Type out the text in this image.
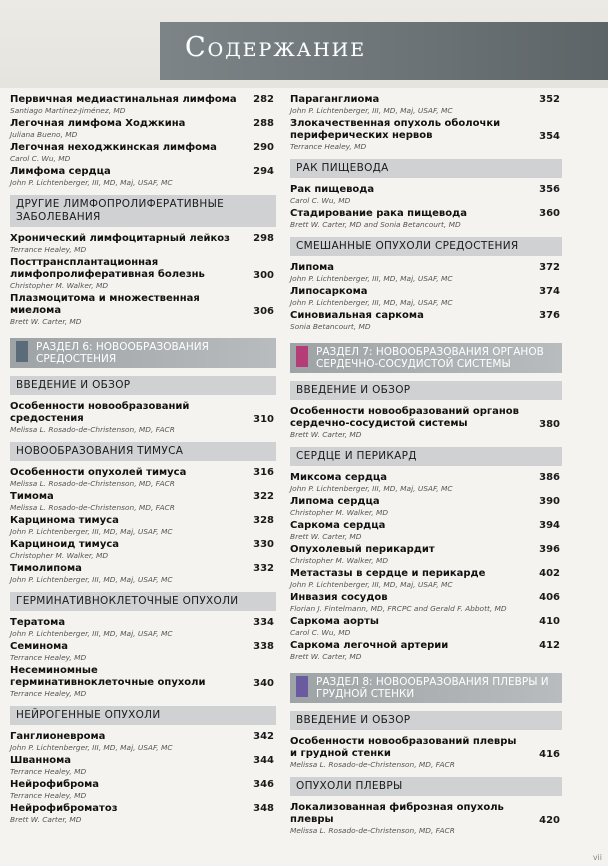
Содержание
Первичная медиастинальная лимфома
Santiago Martínez-Jiménez, MD
282
Легочная лимфома Ходжкина
Juliana Bueno, MD
288
Легочная неходжкинская лимфома
Carol C. Wu, MD
290
Лимфома сердца
John P. Lichtenberger, III, MD, Maj, USAF, MC
294
ДРУГИЕ ЛИМФОПРОЛИФЕРАТИВНЫЕ ЗАБОЛЕВАНИЯ
Хронический лимфоцитарный лейкоз
Terrance Healey, MD
298
Посттрансплантационная лимфопролиферативная болезнь
Christopher M. Walker, MD
300
Плазмоцитома и множественная миелома
Brett W. Carter, MD
306
РАЗДЕЛ 6: НОВООБРАЗОВАНИЯ СРЕДОСТЕНИЯ
ВВЕДЕНИЕ И ОБЗОР
Особенности новообразований средостения
Melissa L. Rosado-de-Christenson, MD, FACR
310
НОВООБРАЗОВАНИЯ ТИМУСА
Особенности опухолей тимуса
Melissa L. Rosado-de-Christenson, MD, FACR
316
Тимома
Melissa L. Rosado-de-Christenson, MD, FACR
322
Карцинома тимуса
John P. Lichtenberger, III, MD, Maj, USAF, MC
328
Карциноид тимуса
Christopher M. Walker, MD
330
Тимолипома
John P. Lichtenberger, III, MD, Maj, USAF, MC
332
ГЕРМИНАТИВНОКЛЕТОЧНЫЕ ОПУХОЛИ
Тератома
John P. Lichtenberger, III, MD, Maj, USAF, MC
334
Семинома
Terrance Healey, MD
338
Несеминомные герминативноклеточные опухоли
Terrance Healey, MD
340
НЕЙРОГЕННЫЕ ОПУХОЛИ
Ганглионеврома
John P. Lichtenberger, III, MD, Maj, USAF, MC
342
Шваннома
Terrance Healey, MD
344
Нейрофиброма
Terrance Healey, MD
346
Нейрофиброматоз
Brett W. Carter, MD
348
Параганглиома
John P. Lichtenberger, III, MD, Maj, USAF, MC
352
Злокачественная опухоль оболочки периферических нервов
Terrance Healey, MD
354
РАК ПИЩЕВОДА
Рак пищевода
Carol C. Wu, MD
356
Стадирование рака пищевода
Brett W. Carter, MD and Sonia Betancourt, MD
360
СМЕШАННЫЕ ОПУХОЛИ СРЕДОСТЕНИЯ
Липома
John P. Lichtenberger, III, MD, Maj, USAF, MC
372
Липосаркома
John P. Lichtenberger, III, MD, Maj, USAF, MC
374
Синовиальная саркома
Sonia Betancourt, MD
376
РАЗДЕЛ 7: НОВООБРАЗОВАНИЯ ОРГАНОВ СЕРДЕЧНО-СОСУДИСТОЙ СИСТЕМЫ
ВВЕДЕНИЕ И ОБЗОР
Особенности новообразований органов сердечно-сосудистой системы
Brett W. Carter, MD
380
СЕРДЦЕ И ПЕРИКАРД
Миксома сердца
John P. Lichtenberger, III, MD, Maj, USAF, MC
386
Липома сердца
Christopher M. Walker, MD
390
Саркома сердца
Brett W. Carter, MD
394
Опухолевый перикардит
Christopher M. Walker, MD
396
Метастазы в сердце и перикарде
John P. Lichtenberger, III, MD, Maj, USAF, MC
402
Инвазия сосудов
Florian J. Fintelmann, MD, FRCPC and Gerald F. Abbott, MD
406
Саркома аорты
Carol C. Wu, MD
410
Саркома легочной артерии
Brett W. Carter, MD
412
РАЗДЕЛ 8: НОВООБРАЗОВАНИЯ ПЛЕВРЫ И ГРУДНОЙ СТЕНКИ
ВВЕДЕНИЕ И ОБЗОР
Особенности новообразований плевры и грудной стенки
Melissa L. Rosado-de-Christenson, MD, FACR
416
ОПУХОЛИ ПЛЕВРЫ
Локализованная фиброзная опухоль плевры
Melissa L. Rosado-de-Christenson, MD, FACR
420
vii
